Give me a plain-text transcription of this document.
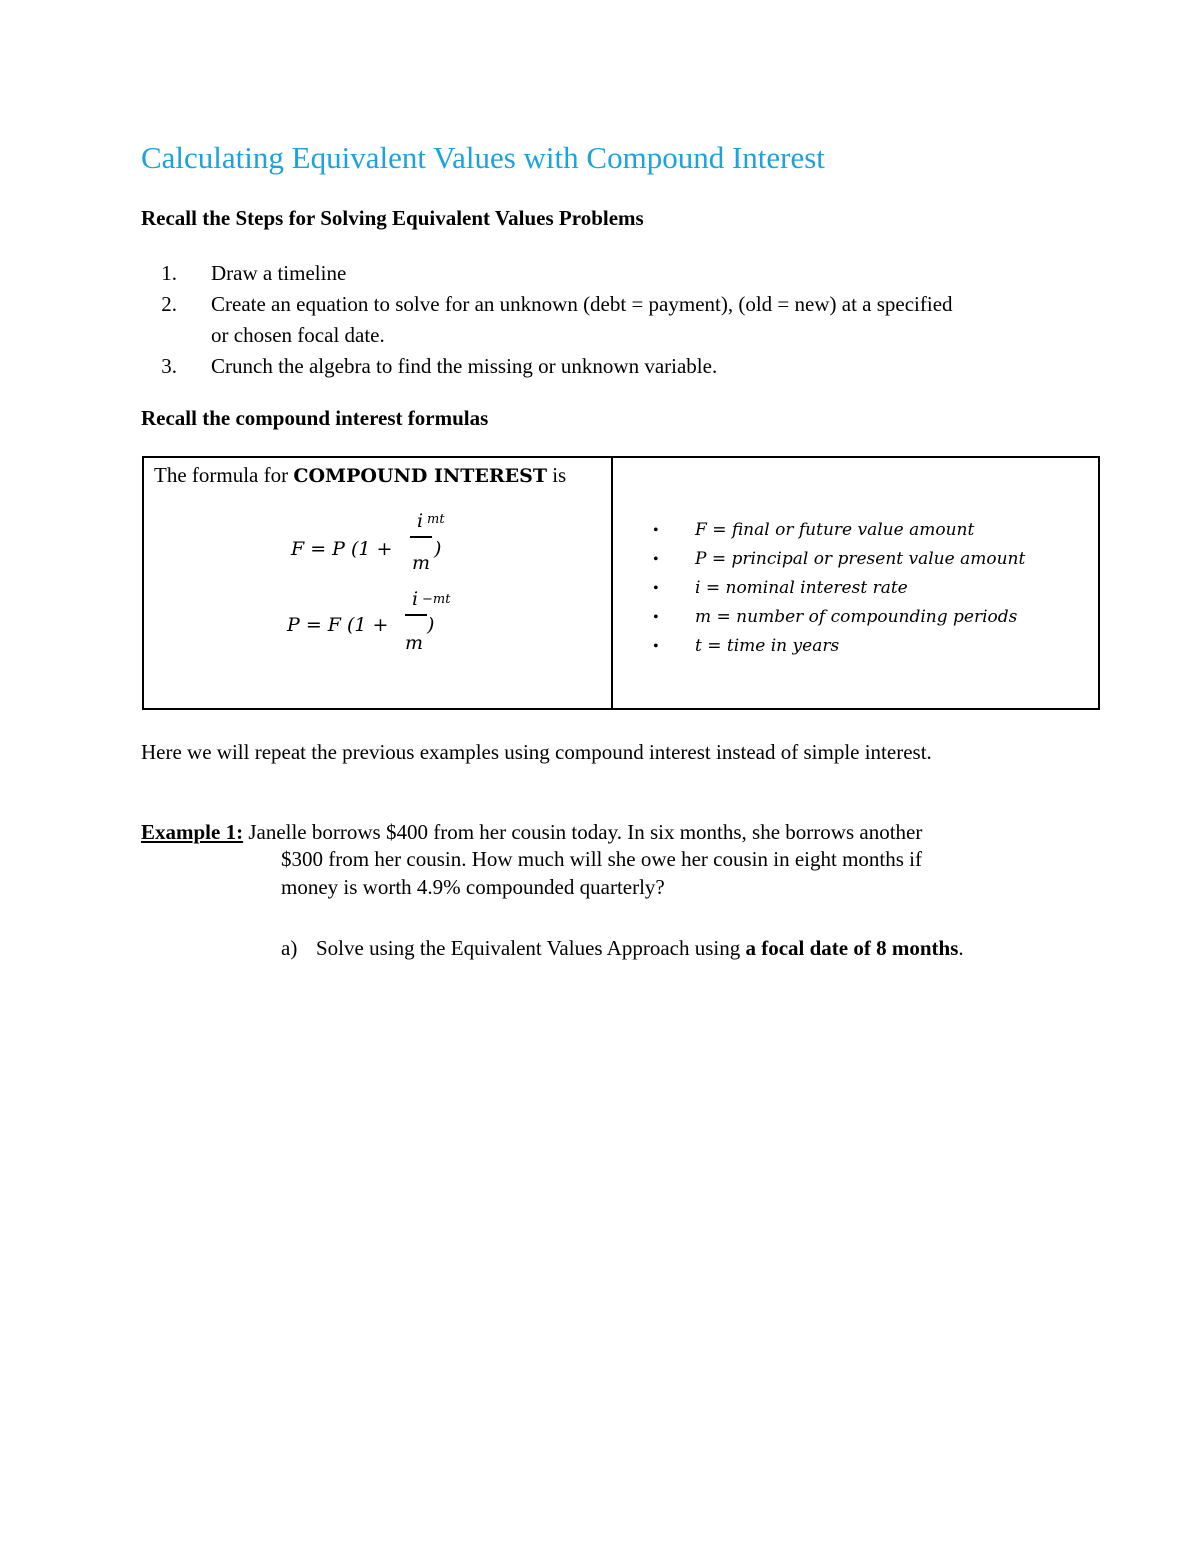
Calculating Equivalent Values with Compound Interest
Recall the Steps for Solving Equivalent Values Problems
1.	Draw a timeline
2.	Create an equation to solve for an unknown (debt = payment), (old = new) at a specified
or chosen focal date.
3.	Crunch the algebra to find the missing or unknown variable.
Recall the compound interest formulas
The formula for COMPOUND INTEREST is
F = P (1 +
i
m
)
mt
P = F (1 +
i
m
)
−mt
•	F = final or future value amount
•	P = principal or present value amount
•	i = nominal interest rate
•	m = number of compounding periods
•	t = time in years
Here we will repeat the previous examples using compound interest instead of simple interest.
Example 1: Janelle borrows $400 from her cousin today. In six months, she borrows another
$300 from her cousin. How much will she owe her cousin in eight months if
money is worth 4.9% compounded quarterly?
a) Solve using the Equivalent Values Approach using a focal date of 8 months.
